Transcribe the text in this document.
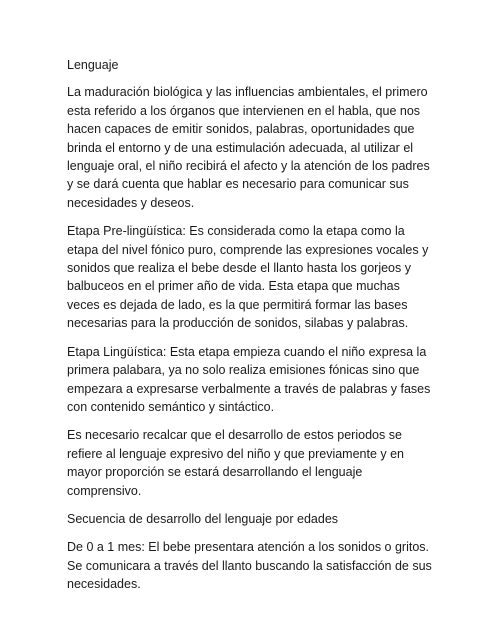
Lenguaje

La maduración biológica y las influencias ambientales, el primero esta referido a los órganos que intervienen en el habla, que nos hacen capaces de emitir sonidos, palabras, oportunidades que brinda el entorno y de una estimulación adecuada, al utilizar el lenguaje oral, el niño recibirá el afecto y la atención de los padres y se dará cuenta que hablar es necesario para comunicar sus necesidades y deseos.

Etapa Pre-lingüística: Es considerada como la etapa como la etapa del nivel fónico puro, comprende las expresiones vocales y sonidos que realiza el bebe desde el llanto hasta los gorjeos y balbuceos en el primer año de vida. Esta etapa que muchas veces es dejada de lado, es la que permitirá formar las bases necesarias para la producción de sonidos, silabas y palabras.

Etapa Lingüística: Esta etapa empieza cuando el niño expresa la primera palabara, ya no solo realiza emisiones fónicas sino que empezara a expresarse verbalmente a través de palabras y fases con contenido semántico y sintáctico.

Es necesario recalcar que el desarrollo de estos periodos se refiere al lenguaje expresivo del niño y que previamente y en mayor proporción se estará desarrollando el lenguaje comprensivo.

Secuencia de desarrollo del lenguaje por edades

De 0 a 1 mes: El bebe presentara atención a los sonidos o gritos. Se comunicara a través del llanto buscando la satisfacción de sus necesidades.
